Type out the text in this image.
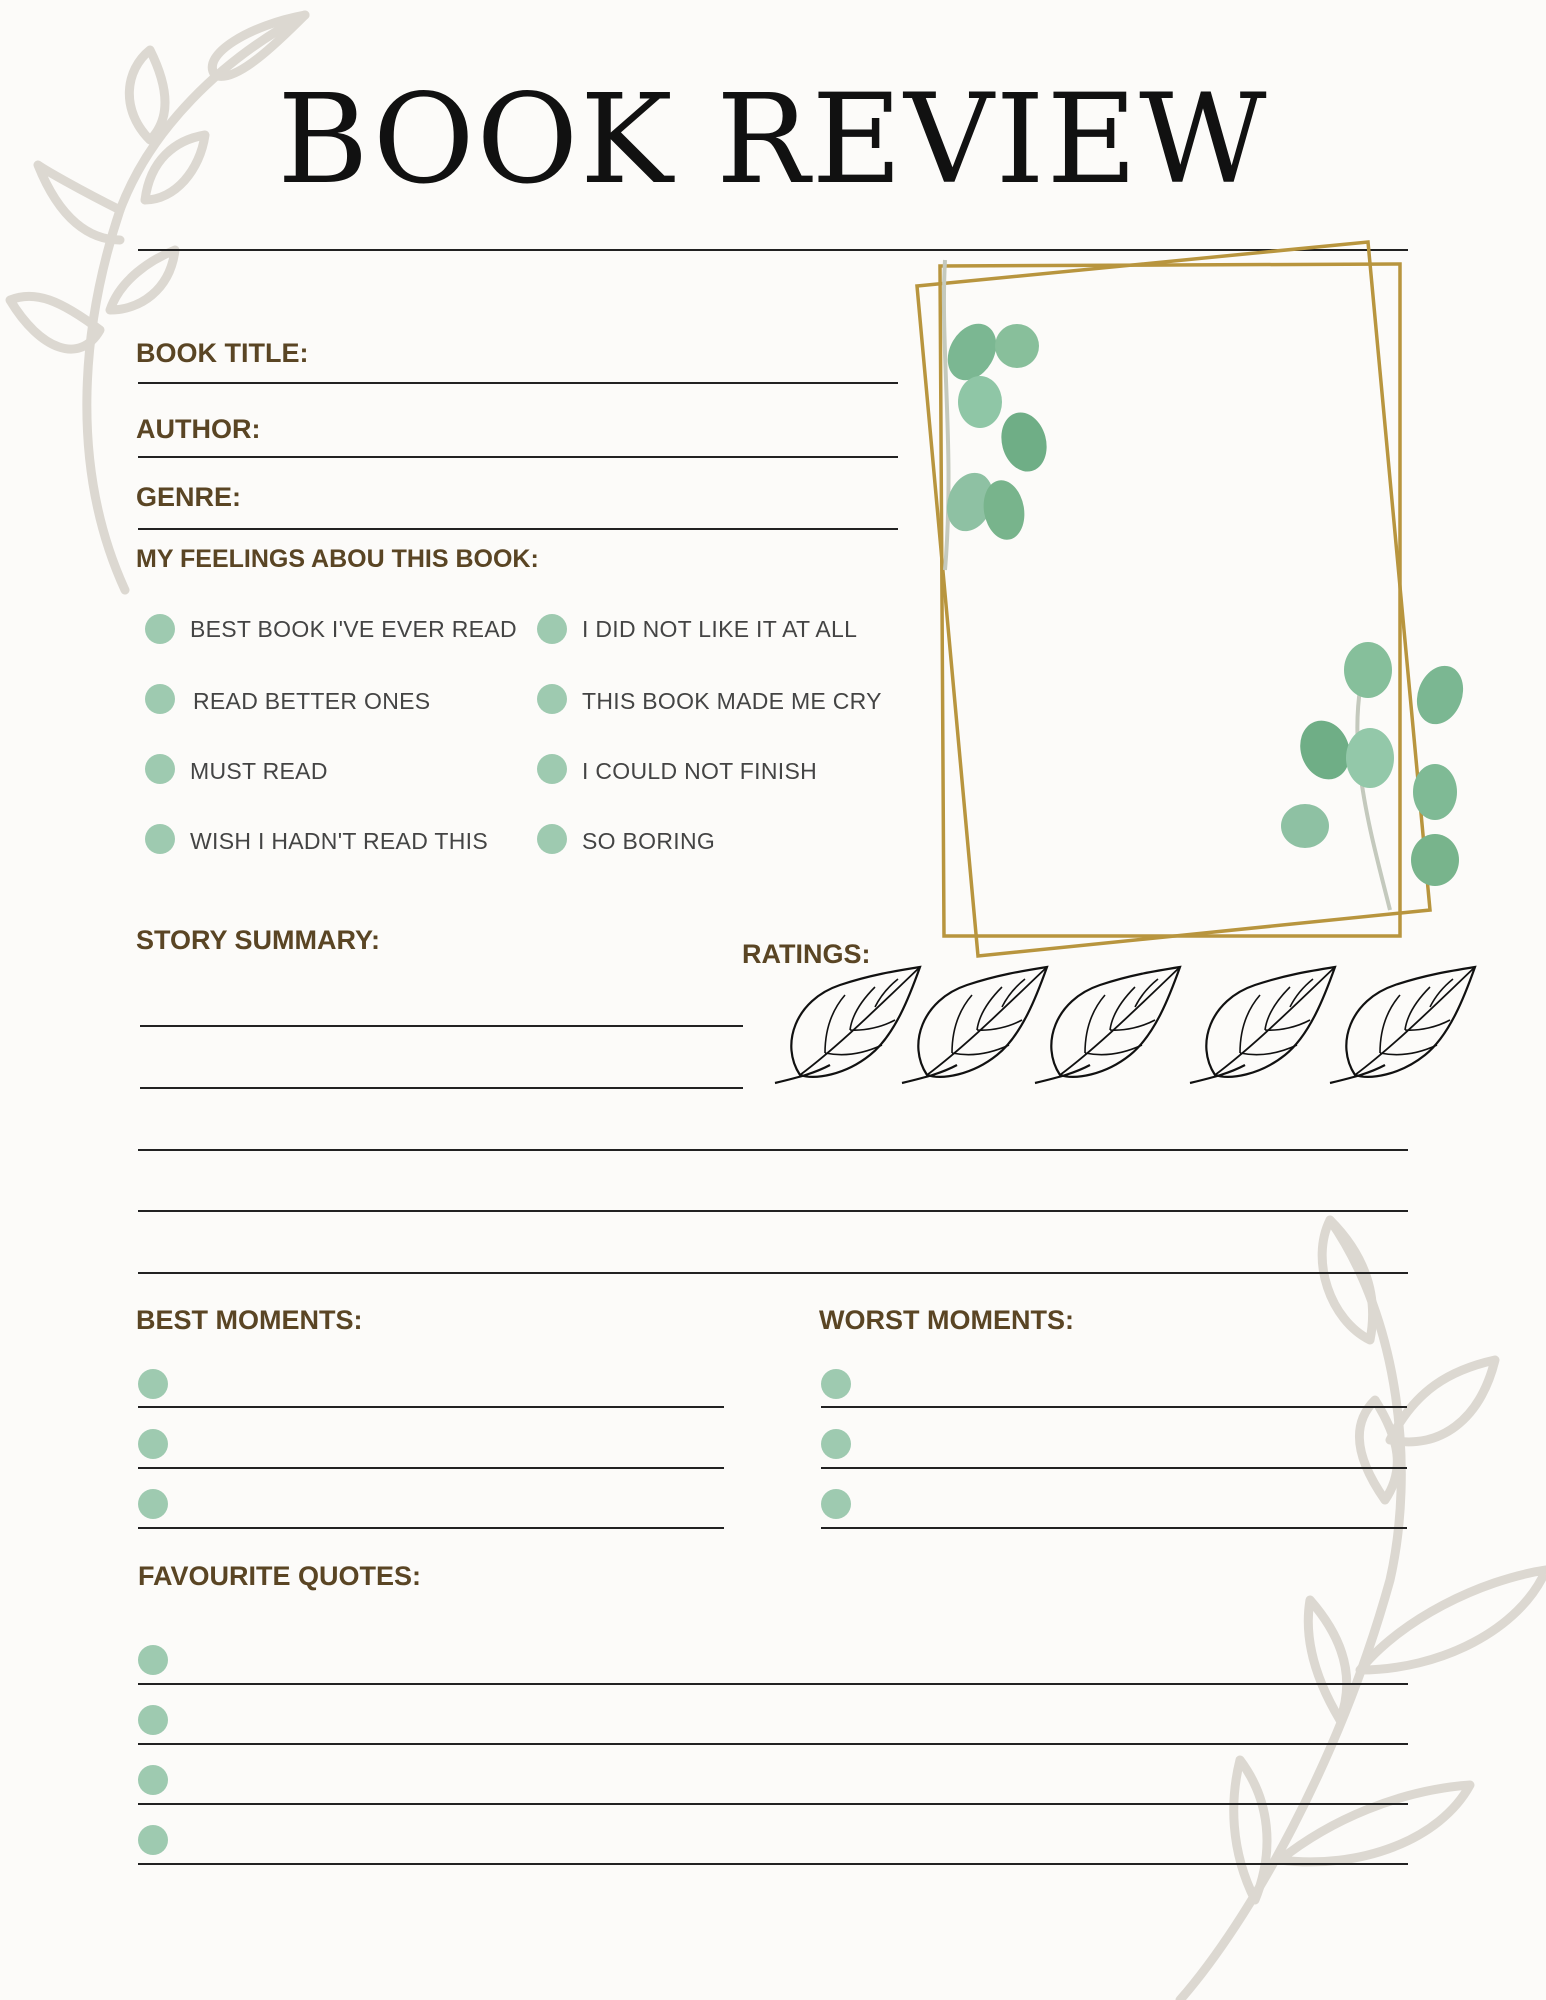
BOOK REVIEW
BOOK TITLE:
AUTHOR:
GENRE:
MY FEELINGS ABOU THIS BOOK:
BEST BOOK I'VE EVER READ
READ BETTER ONES
MUST READ
WISH I HADN'T READ THIS
I DID NOT LIKE IT AT ALL
THIS BOOK MADE ME CRY
I COULD NOT FINISH
SO BORING
STORY SUMMARY:	RATINGS:
BEST MOMENTS:	WORST MOMENTS:
FAVOURITE QUOTES:
